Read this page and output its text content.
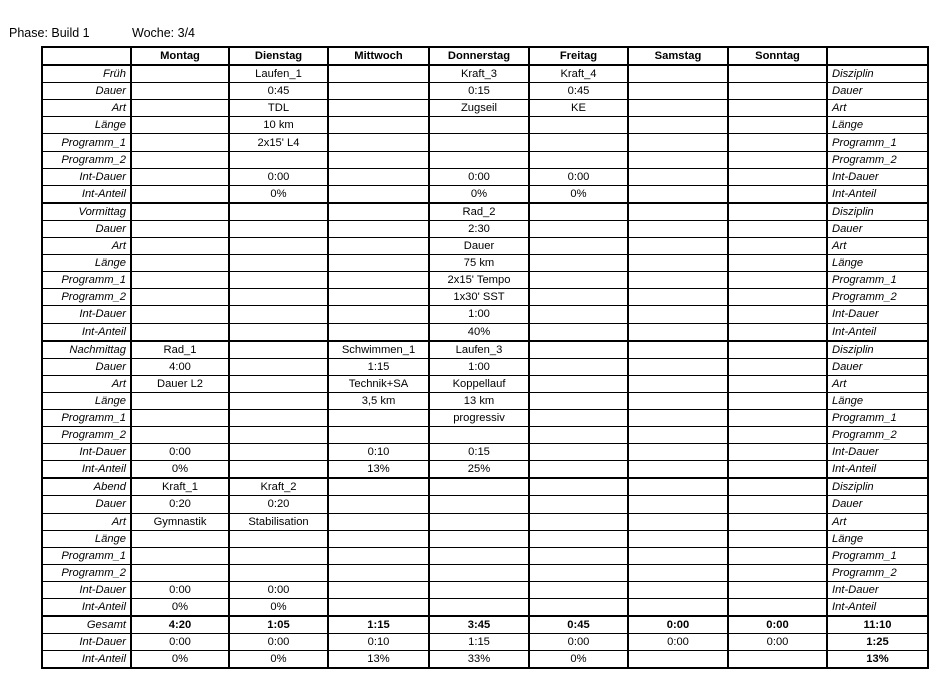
Phase: Build 1	Woche: 3/4
	Montag	Dienstag	Mittwoch	Donnerstag	Freitag	Samstag	Sonntag	
Früh		Laufen_1		Kraft_3	Kraft_4			Disziplin
Dauer		0:45		0:15	0:45			Dauer
Art		TDL		Zugseil	KE			Art
Länge		10 km						Länge
Programm_1		2x15' L4						Programm_1
Programm_2								Programm_2
Int-Dauer		0:00		0:00	0:00			Int-Dauer
Int-Anteil		0%		0%	0%			Int-Anteil
Vormittag				Rad_2				Disziplin
Dauer				2:30				Dauer
Art				Dauer				Art
Länge				75 km				Länge
Programm_1				2x15' Tempo				Programm_1
Programm_2				1x30' SST				Programm_2
Int-Dauer				1:00				Int-Dauer
Int-Anteil				40%				Int-Anteil
Nachmittag	Rad_1		Schwimmen_1	Laufen_3				Disziplin
Dauer	4:00		1:15	1:00				Dauer
Art	Dauer L2		Technik+SA	Koppellauf				Art
Länge			3,5 km	13 km				Länge
Programm_1				progressiv				Programm_1
Programm_2								Programm_2
Int-Dauer	0:00		0:10	0:15				Int-Dauer
Int-Anteil	0%		13%	25%				Int-Anteil
Abend	Kraft_1	Kraft_2						Disziplin
Dauer	0:20	0:20						Dauer
Art	Gymnastik	Stabilisation						Art
Länge								Länge
Programm_1								Programm_1
Programm_2								Programm_2
Int-Dauer	0:00	0:00						Int-Dauer
Int-Anteil	0%	0%						Int-Anteil
Gesamt	4:20	1:05	1:15	3:45	0:45	0:00	0:00	11:10
Int-Dauer	0:00	0:00	0:10	1:15	0:00	0:00	0:00	1:25
Int-Anteil	0%	0%	13%	33%	0%			13%
